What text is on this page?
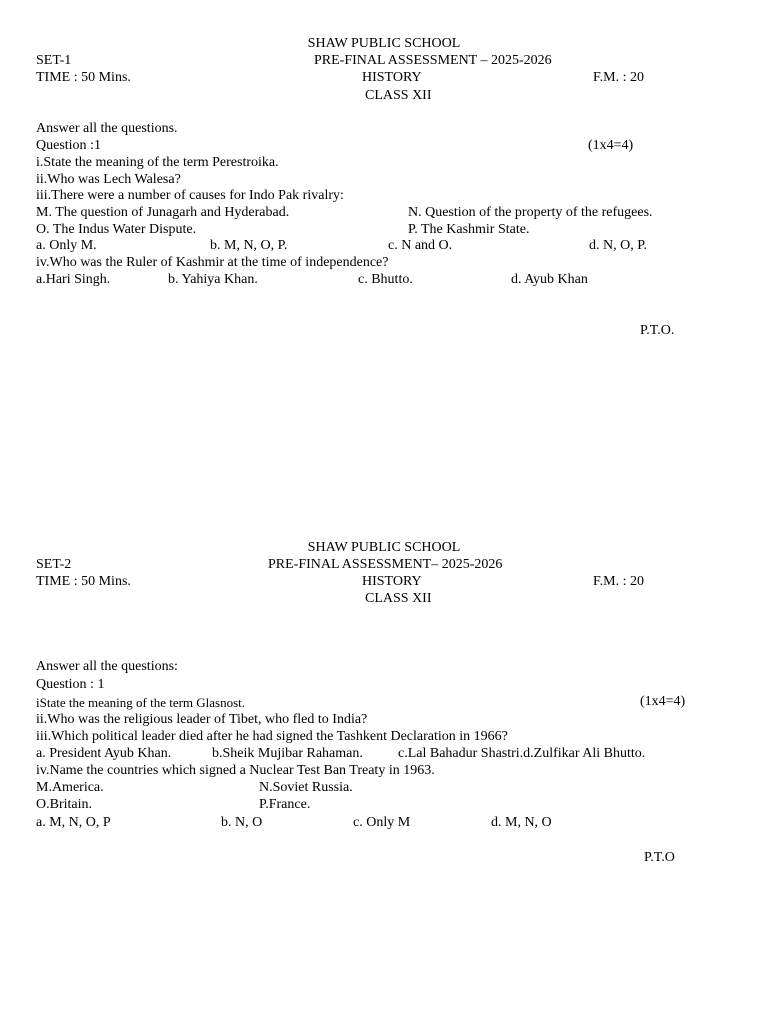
SHAW PUBLIC SCHOOL
SET-1	PRE-FINAL ASSESSMENT – 2025-2026
TIME : 50 Mins.	HISTORY	F.M. : 20
CLASS XII
Answer all the questions.
Question :1	(1x4=4)
i.State the meaning of the term Perestroika.
ii.Who was Lech Walesa?
iii.There were a number of causes for Indo Pak rivalry:
M. The question of Junagarh and Hyderabad.	N. Question of the property of the refugees.
O. The Indus Water Dispute.	P. The Kashmir State.
a. Only M.	b. M, N, O, P.	c. N and O.	d. N, O, P.
iv.Who was the Ruler of Kashmir at the time of independence?
a.Hari Singh.	b. Yahiya Khan.	c. Bhutto.	d. Ayub Khan
P.T.O.
SHAW PUBLIC SCHOOL
SET-2	PRE-FINAL ASSESSMENT– 2025-2026
TIME : 50 Mins.	HISTORY	F.M. : 20
CLASS XII
Answer all the questions:
Question : 1
iState the meaning of the term Glasnost.	(1x4=4)
ii.Who was the religious leader of Tibet, who fled to India?
iii.Which political leader died after he had signed the Tashkent Declaration in 1966?
a. President Ayub Khan.	b.Sheik Mujibar Rahaman.	c.Lal Bahadur Shastri.d.Zulfikar Ali Bhutto.
iv.Name the countries which signed a Nuclear Test Ban Treaty in 1963.
M.America.	N.Soviet Russia.
O.Britain.	P.France.
a. M, N, O, P	b. N, O	c. Only M	d. M, N, O
P.T.O
